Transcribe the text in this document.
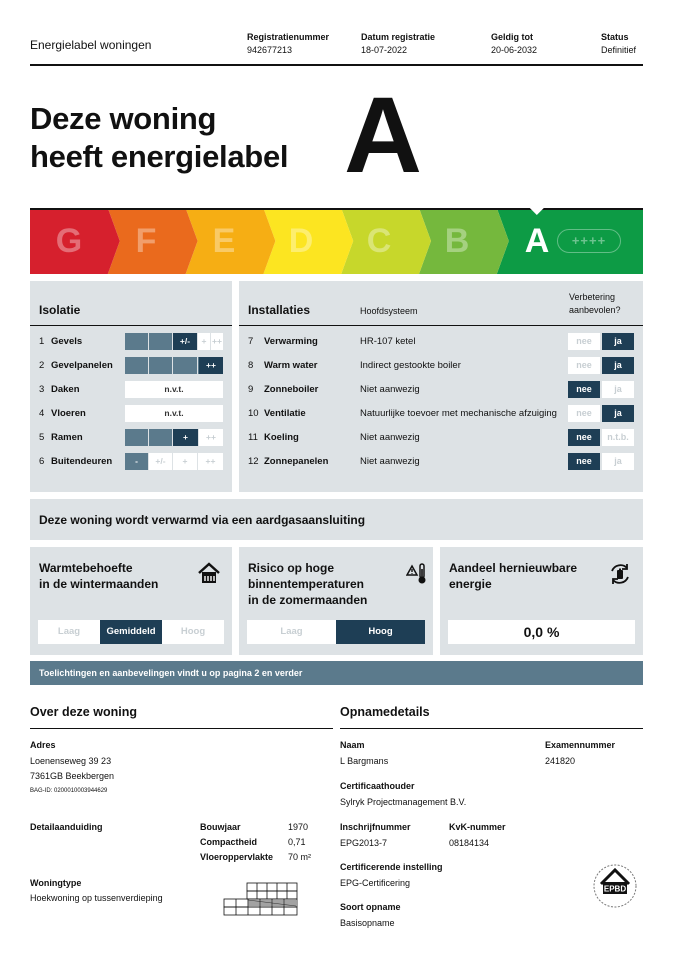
Energielabel woningen
Registratienummer
942677213
Datum registratie
18-07-2022
Geldig tot
20-06-2032
Status
Definitief
Deze woning
heeft energielabel A
G	F	E	D	C	B	A	++++
Isolatie
1 Gevels	+/-	+ ++
2 Gevelpanelen	++
3 Daken	n.v.t.
4 Vloeren	n.v.t.
5 Ramen	+	++
6 Buitendeuren	-	+/-	+	++
Installaties	Hoofdsysteem
Verbetering
aanbevolen?
7 Verwarming	HR-107 ketel	nee	ja
8 Warm water	Indirect gestookte boiler	nee	ja
9 Zonneboiler	Niet aanwezig	nee	ja
10 Ventilatie	Natuurlijke toevoer met mechanische afzuiging	nee	ja
11 Koeling	Niet aanwezig	nee	n.t.b.
12 Zonnepanelen	Niet aanwezig	nee	ja
Deze woning wordt verwarmd via een aardgasaansluiting
Warmtebehoefte
in de wintermaanden
Laag	Gemiddeld	Hoog
Risico op hoge
binnentemperaturen
in de zomermaanden
Laag	Hoog
Aandeel hernieuwbare
energie
0,0 %
Toelichtingen en aanbevelingen vindt u op pagina 2 en verder
Over deze woning
Adres
Loenenseweg 39 23
7361GB Beekbergen
BAG-ID: 0200010003944629
Detailaanduiding	Bouwjaar	1970
Compactheid	0,71
Vloeroppervlakte 70 m²
Woningtype
Hoekwoning op tussenverdieping
Opnamedetails
Naam
L Bargmans
Examennummer
241820
Certificaathouder
Sylryk Projectmanagement B.V.
Inschrijfnummer
EPG2013-7
KvK-nummer
08184134
Certificerende instelling
EPG-Certificering
Soort opname
Basisopname
EPBD
